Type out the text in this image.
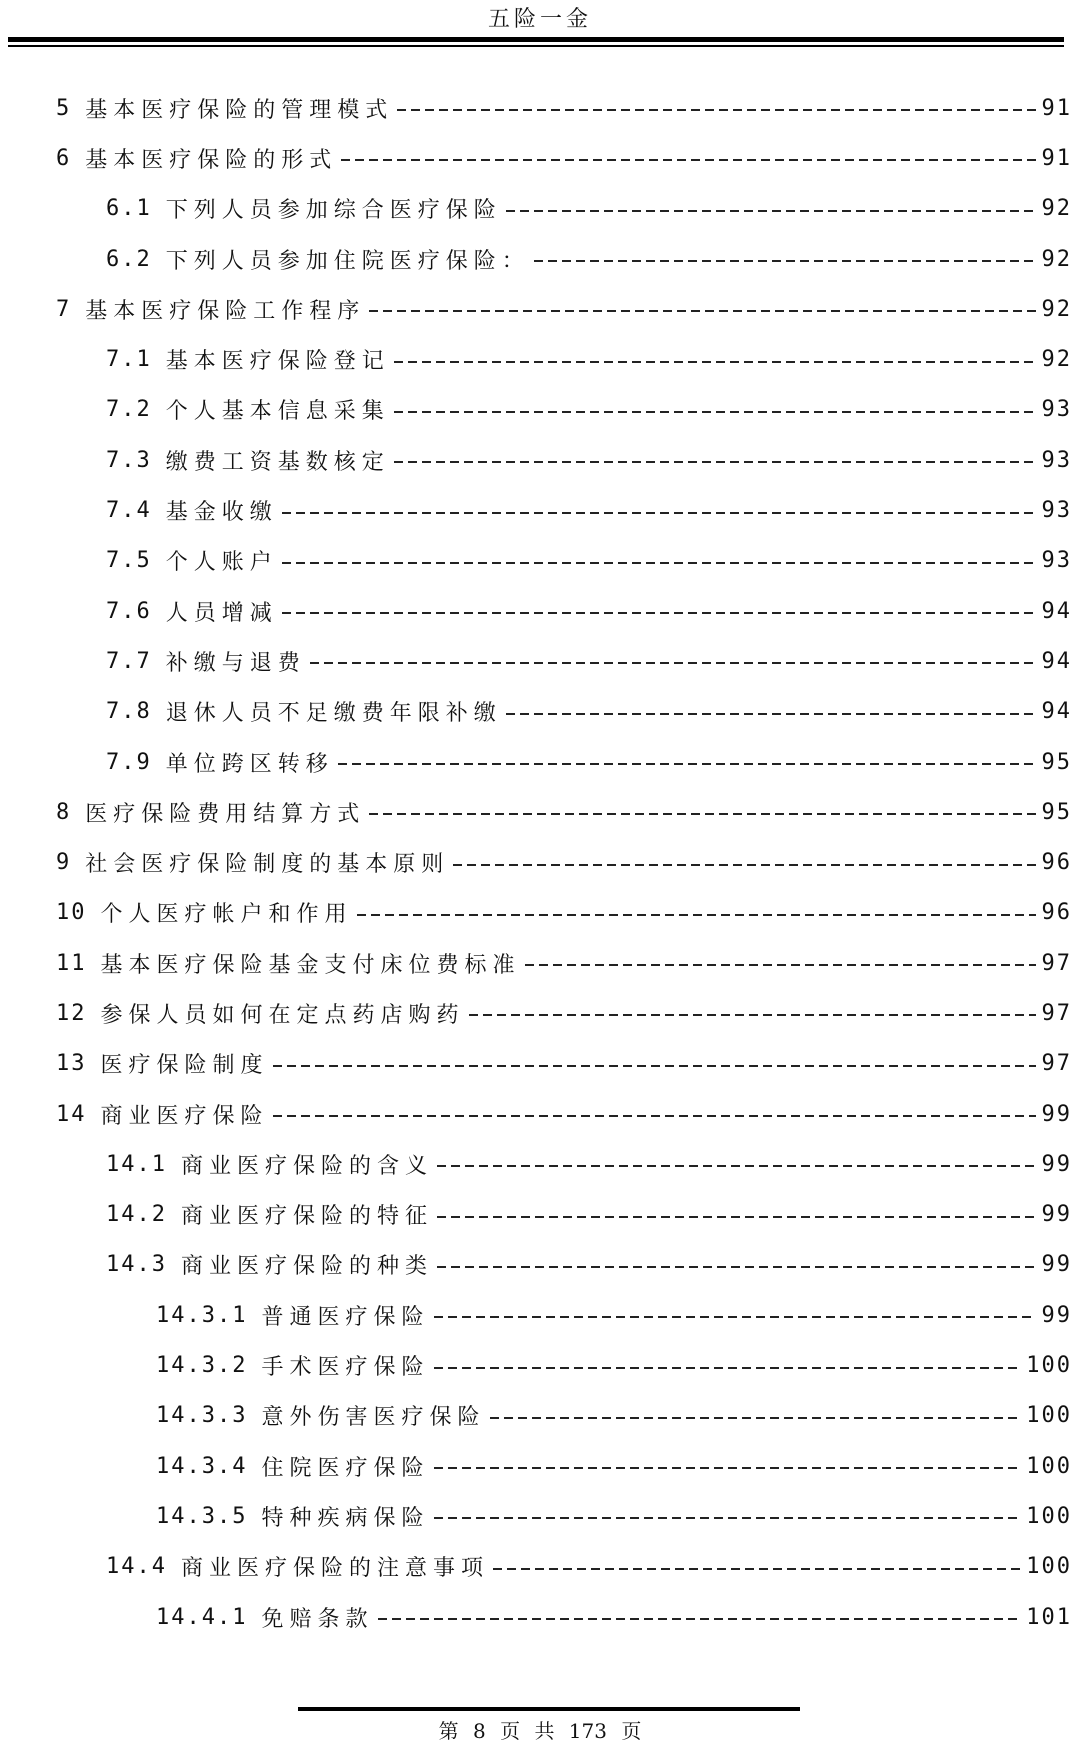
五险一金
5 基本医疗保险的管理模式	91
6 基本医疗保险的形式	91
6.1 下列人员参加综合医疗保险	92
6.2 下列人员参加住院医疗保险：	92
7 基本医疗保险工作程序	92
7.1 基本医疗保险登记	92
7.2 个人基本信息采集	93
7.3 缴费工资基数核定	93
7.4 基金收缴	93
7.5 个人账户	93
7.6 人员增减	94
7.7 补缴与退费	94
7.8 退休人员不足缴费年限补缴	94
7.9 单位跨区转移	95
8 医疗保险费用结算方式	95
9 社会医疗保险制度的基本原则	96
10 个人医疗帐户和作用	96
11 基本医疗保险基金支付床位费标准	97
12 参保人员如何在定点药店购药	97
13 医疗保险制度	97
14 商业医疗保险	99
14.1 商业医疗保险的含义	99
14.2 商业医疗保险的特征	99
14.3 商业医疗保险的种类	99
14.3.1 普通医疗保险	99
14.3.2 手术医疗保险	100
14.3.3 意外伤害医疗保险	100
14.3.4 住院医疗保险	100
14.3.5 特种疾病保险	100
14.4 商业医疗保险的注意事项	100
14.4.1 免赔条款	101
第 8 页 共 173 页
